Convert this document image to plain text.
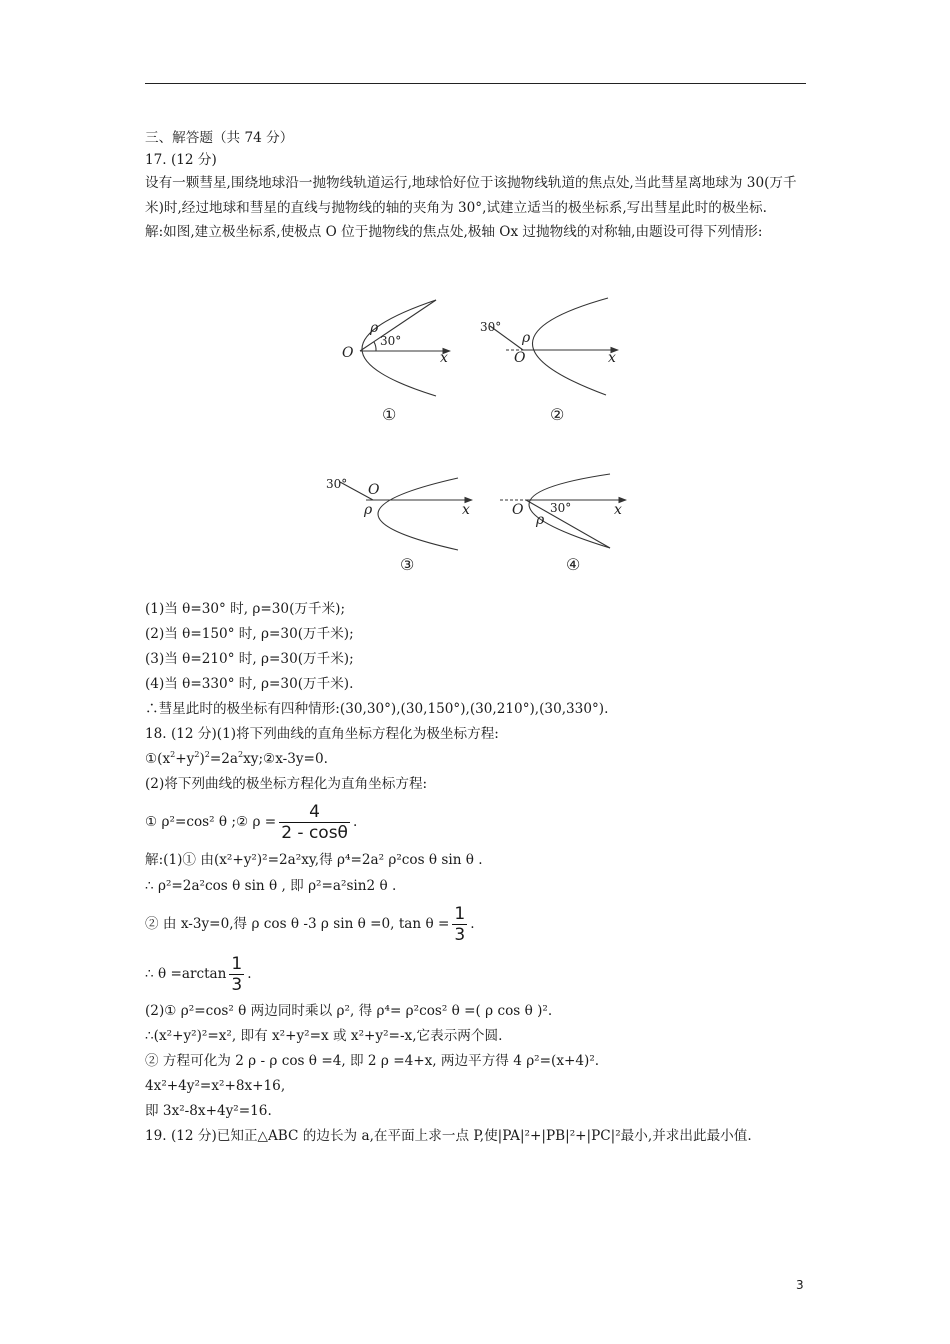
三、解答题（共 74 分）
17. (12 分)

设有一颗彗星,围绕地球沿一抛物线轨道运行,地球恰好位于该抛物线轨道的焦点处,当此彗星离地球为 30(万千米)时,经过地球和彗星的直线与抛物线的轴的夹角为 30°,试建立适当的极坐标系,写出彗星此时的极坐标.

解:如图,建立极坐标系,使极点 O 位于抛物线的焦点处,极轴 Ox 过抛物线的对称轴,由题设可得下列情形:

O	x
ρ
30°
①
O	x
ρ
30°
②
O
x
ρ
30°
③
O	x
ρ
30°
④
(1)当 θ=30° 时, ρ=30(万千米);
(2)当 θ=150° 时, ρ=30(万千米);
(3)当 θ=210° 时, ρ=30(万千米);
(4)当 θ=330° 时, ρ=30(万千米).
∴彗星此时的极坐标有四种情形:(30,30°),(30,150°),(30,210°),(30,330°).
18. (12 分)(1)将下列曲线的直角坐标方程化为极坐标方程:
$①(x^2+y^2)^2=2a^2xy;②x-3y=0$.
(2)将下列曲线的极坐标方程化为直角坐标方程:
① ρ²=cos² θ ;② $\rho = \frac{4}{2 - \cos\theta}$ .
解:(1)① 由(x²+y²)²=2a²xy,得 ρ⁴=2a² ρ²cos θ sin θ .
∴ ρ²=2a²cos θ sin θ , 即 ρ²=a²sin2 θ .
② 由 x-3y=0,得 ρ cos θ -3 ρ sin θ =0, $\tan \theta = \frac{1}{3}$ .
∴ $\theta =\arctan \frac{1}{3}$ .
(2)① ρ²=cos² θ 两边同时乘以 ρ², 得 ρ⁴= ρ²cos² θ =( ρ cos θ )².
∴(x²+y²)²=x², 即有 x²+y²=x 或 x²+y²=-x,它表示两个圆.
② 方程可化为 2 ρ - ρ cos θ =4, 即 2 ρ =4+x, 两边平方得 4 ρ²=(x+4)².
4x²+4y²=x²+8x+16,
即 3x²-8x+4y²=16.

19. (12 分)已知正△ABC 的边长为 a,在平面上求一点 P,使|PA|²+|PB|²+|PC|²最小,并求出此最小值.

3
